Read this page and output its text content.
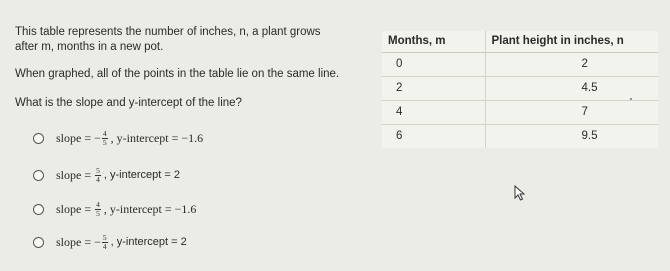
This table represents the number of inches, n, a plant grows after m, months in a new pot.

When graphed, all of the points in the table lie on the same line.

What is the slope and y-intercept of the line?

slope = − $\frac{4}{5}$ , y-intercept = −1.6
slope = $\frac{5}{4}$ , y-intercept = 2
slope = $\frac{4}{5}$ , y-intercept = −1.6
slope = − $\frac{5}{4}$ , y-intercept = 2
Months, m	Plant height in inches, n
0	2
2	4.5
4	7
6	9.5
